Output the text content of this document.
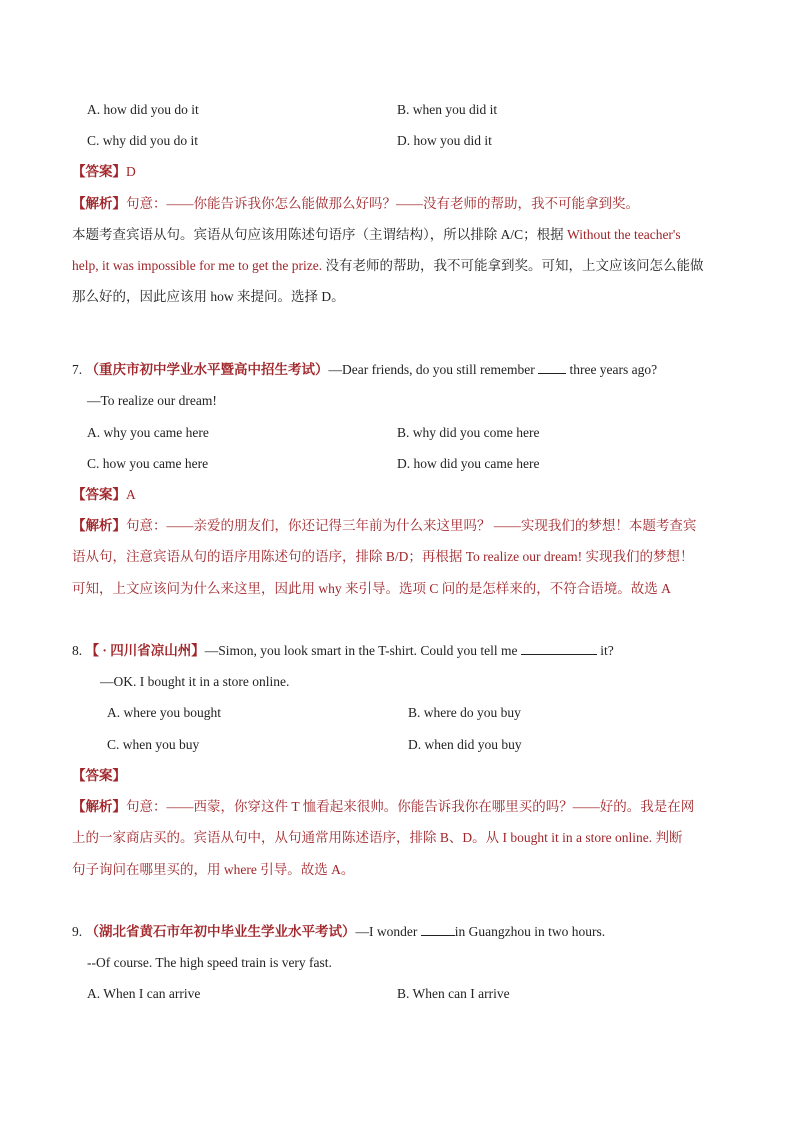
A. how did you do it	B. when you did it
C. why did you do it	D. how you did it
【答案】D
【解析】句意：——你能告诉我你怎么能做那么好吗？——没有老师的帮助，我不可能拿到奖。
本题考查宾语从句。宾语从句应该用陈述句语序（主谓结构），所以排除 A/C；根据 Without the teacher's
help, it was impossible for me to get the prize. 没有老师的帮助，我不可能拿到奖。可知，上文应该问怎么能做
那么好的，因此应该用 how 来提问。选择 D。
7. （重庆市初中学业水平暨高中招生考试）—Dear friends, do you still remember  three years ago?
—To realize our dream!
A. why you came here	B. why did you come here
C. how you came here	D. how did you came here
【答案】A
【解析】句意：——亲爱的朋友们，你还记得三年前为什么来这里吗？ ——实现我们的梦想！本题考查宾
语从句，注意宾语从句的语序用陈述句的语序，排除 B/D；再根据 To realize our dream! 实现我们的梦想！
可知，上文应该问为什么来这里，因此用 why 来引导。选项 C 问的是怎样来的，不符合语境。故选 A
8. 【 · 四川省凉山州】—Simon, you look smart in the T-shirt. Could you tell me	it?
—OK. I bought it in a store online.
A. where you bought	B. where do you buy
C. when you buy	D. when did you buy
【答案】
【解析】句意：——西蒙，你穿这件 T 恤看起来很帅。你能告诉我你在哪里买的吗？——好的。我是在网
上的一家商店买的。宾语从句中，从句通常用陈述语序，排除 B、D。从 I bought it in a store online. 判断
句子询问在哪里买的，用 where 引导。故选 A。
9. （湖北省黄石市年初中毕业生学业水平考试）—I wonder	in Guangzhou in two hours.
--Of course. The high speed train is very fast.
A. When I can arrive	B. When can I arrive
